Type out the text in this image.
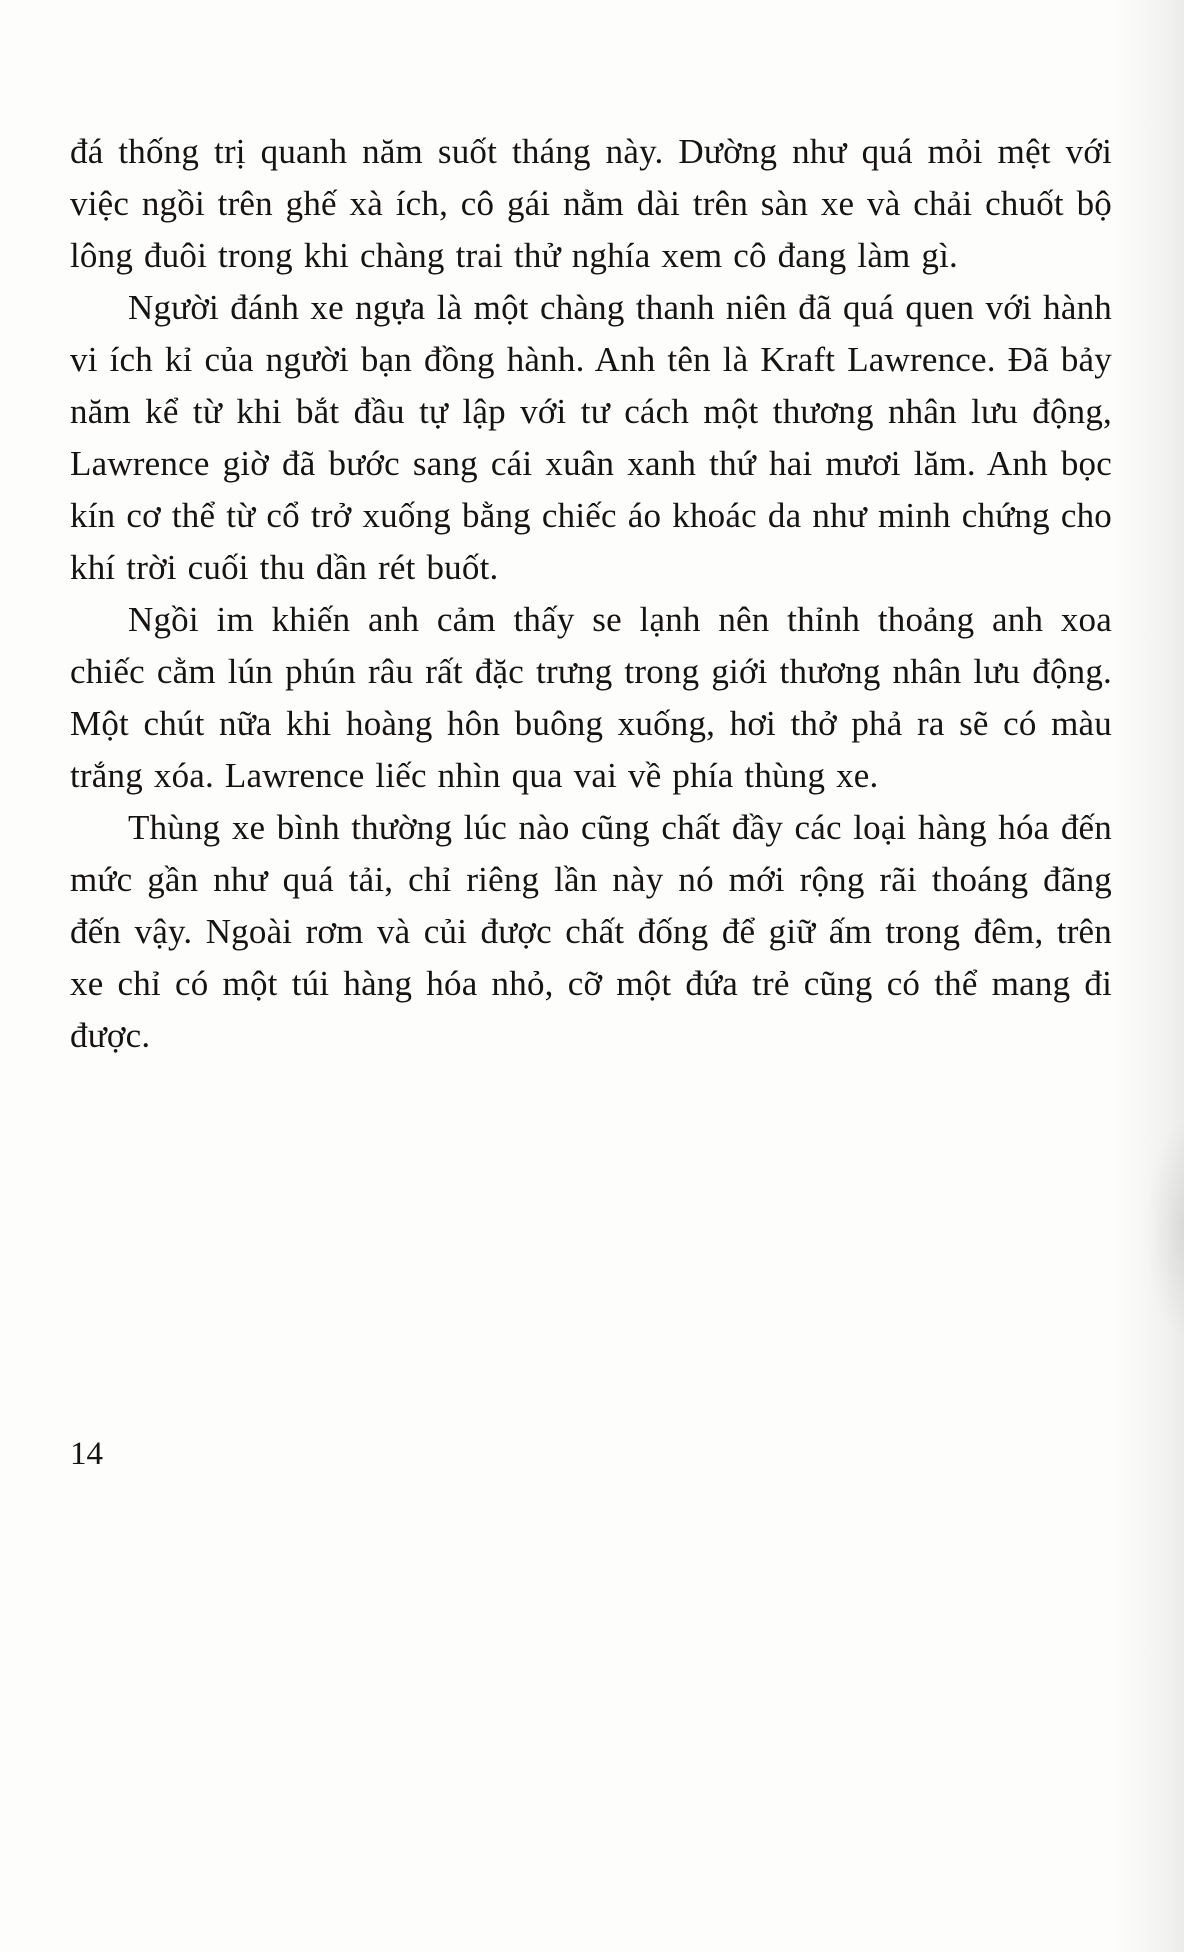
đá thống trị quanh năm suốt tháng này. Dường như quá mỏi mệt với việc ngồi trên ghế xà ích, cô gái nằm dài trên sàn xe và chải chuốt bộ lông đuôi trong khi chàng trai thử nghía xem cô đang làm gì.

Người đánh xe ngựa là một chàng thanh niên đã quá quen với hành vi ích kỉ của người bạn đồng hành. Anh tên là Kraft Lawrence. Đã bảy năm kể từ khi bắt đầu tự lập với tư cách một thương nhân lưu động, Lawrence giờ đã bước sang cái xuân xanh thứ hai mươi lăm. Anh bọc kín cơ thể từ cổ trở xuống bằng chiếc áo khoác da như minh chứng cho khí trời cuối thu dần rét buốt.

Ngồi im khiến anh cảm thấy se lạnh nên thỉnh thoảng anh xoa chiếc cằm lún phún râu rất đặc trưng trong giới thương nhân lưu động. Một chút nữa khi hoàng hôn buông xuống, hơi thở phả ra sẽ có màu trắng xóa. Lawrence liếc nhìn qua vai về phía thùng xe.

Thùng xe bình thường lúc nào cũng chất đầy các loại hàng hóa đến mức gần như quá tải, chỉ riêng lần này nó mới rộng rãi thoáng đãng đến vậy. Ngoài rơm và củi được chất đống để giữ ấm trong đêm, trên xe chỉ có một túi hàng hóa nhỏ, cỡ một đứa trẻ cũng có thể mang đi được.

14
